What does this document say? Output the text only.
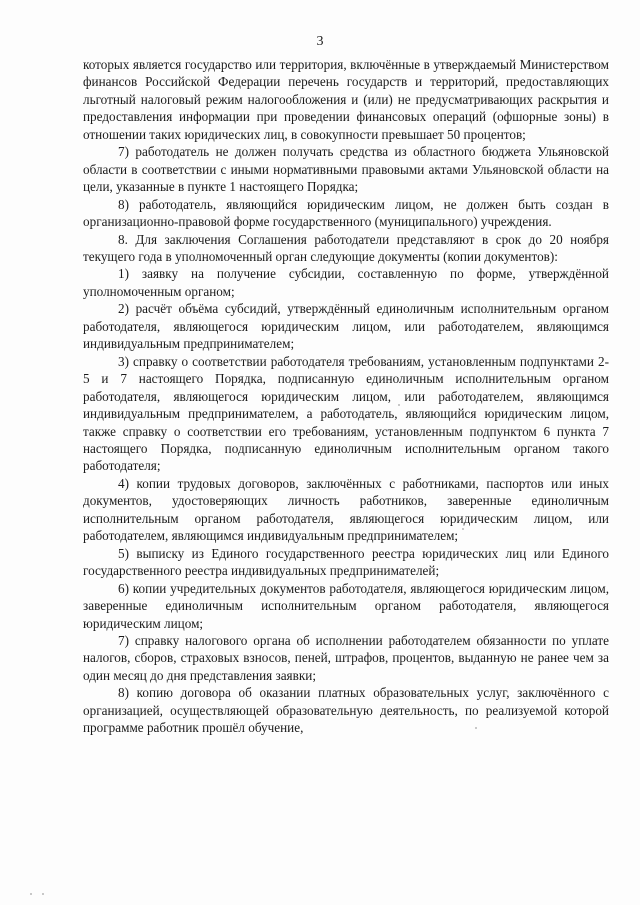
3

которых является государство или территория, включённые в утверждаемый Министерством финансов Российской Федерации перечень государств и территорий, предоставляющих льготный налоговый режим налогообложения и (или) не предусматривающих раскрытия и предоставления информации при проведении финансовых операций (офшорные зоны) в отношении таких юридических лиц, в совокупности превышает 50 процентов;

7) работодатель не должен получать средства из областного бюджета Ульяновской области в соответствии с иными нормативными правовыми актами Ульяновской области на цели, указанные в пункте 1 настоящего Порядка;

8) работодатель, являющийся юридическим лицом, не должен быть создан в организационно-правовой форме государственного (муниципального) учреждения.

8. Для заключения Соглашения работодатели представляют в срок до 20 ноября текущего года в уполномоченный орган следующие документы (копии документов):

1) заявку на получение субсидии, составленную по форме, утверждённой уполномоченным органом;

2) расчёт объёма субсидий, утверждённый единоличным исполнительным органом работодателя, являющегося юридическим лицом, или работодателем, являющимся индивидуальным предпринимателем;

3) справку о соответствии работодателя требованиям, установленным подпунктами 2-5 и 7 настоящего Порядка, подписанную единоличным исполнительным органом работодателя, являющегося юридическим лицом, или работодателем, являющимся индивидуальным предпринимателем, а работодатель, являющийся юридическим лицом, также справку о соответствии его требованиям, установленным подпунктом 6 пункта 7 настоящего Порядка, подписанную единоличным исполнительным органом такого работодателя;

4) копии трудовых договоров, заключённых с работниками, паспортов или иных документов, удостоверяющих личность работников, заверенные единоличным исполнительным органом работодателя, являющегося юридическим лицом, или работодателем, являющимся индивидуальным предпринимателем;

5) выписку из Единого государственного реестра юридических лиц или Единого государственного реестра индивидуальных предпринимателей;

6) копии учредительных документов работодателя, являющегося юридическим лицом, заверенные единоличным исполнительным органом работодателя, являющегося юридическим лицом;

7) справку налогового органа об исполнении работодателем обязанности по уплате налогов, сборов, страховых взносов, пеней, штрафов, процентов, выданную не ранее чем за один месяц до дня представления заявки;

8) копию договора об оказании платных образовательных услуг, заключённого с организацией, осуществляющей образовательную деятельность, по реализуемой которой программе работник прошёл обучение,
